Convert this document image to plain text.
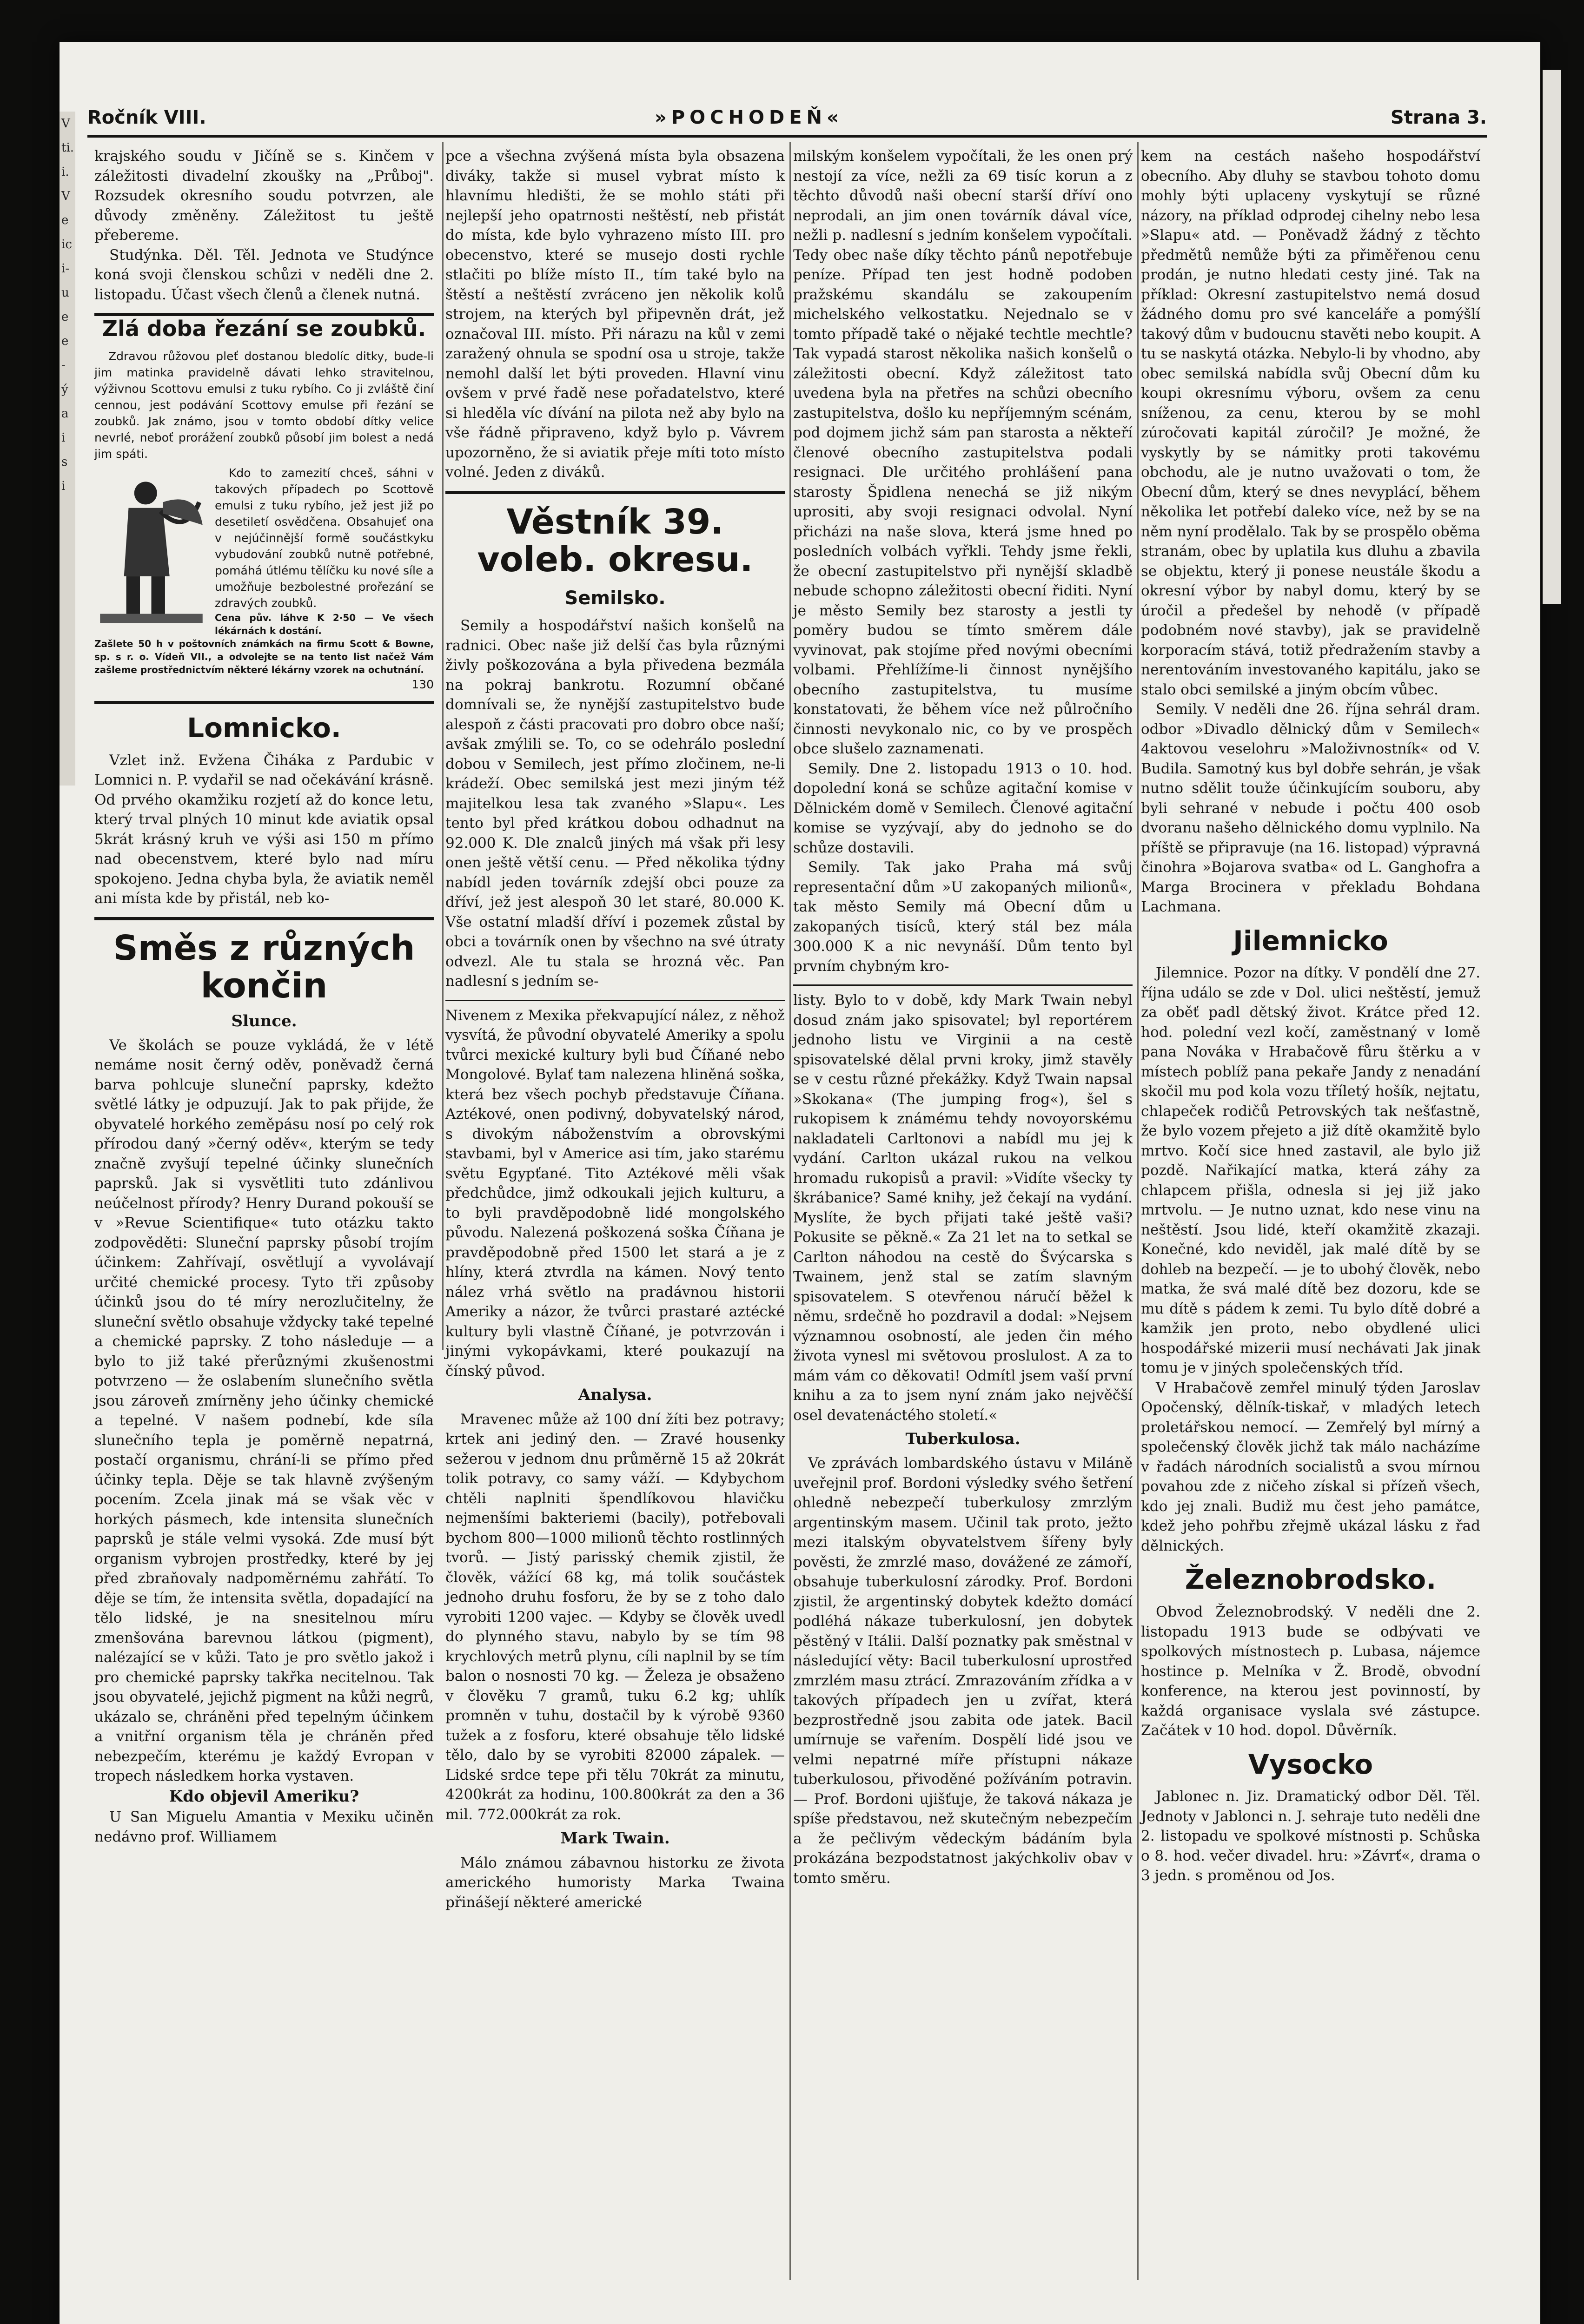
V
ti.
i.
V
e
ic
i-
u
e
e
-
ý
a
i
s
i
Ročník VIII.	»POCHODEŇ«	Strana 3.

krajského soudu v Jičíně se s. Kinčem v záležitosti divadelní zkoušky na „Průboj". Rozsudek okresního soudu potvrzen, ale důvody změněny. Záležitost tu ještě přebereme.

Studýnka. Děl. Těl. Jednota ve Studýnce koná svoji členskou schůzi v neděli dne 2. listopadu. Účast všech členů a členek nutná.

Zlá doba řezání se zoubků.

Zdravou růžovou pleť dostanou bledolíc ditky, bude-li jim matinka pravidelně dávati lehko stravitelnou, výživnou Scottovu emulsi z tuku rybího. Co ji zvláště činí cennou, jest podávání Scottovy emulse při řezání se zoubků. Jak známo, jsou v tomto období dítky velice nevrlé, neboť prorážení zoubků působí jim bolest a nedá jim spáti.

Kdo to zamezití chceš, sáhni v takových případech po Scottově emulsi z tuku rybího, jež jest již po desetiletí osvědčena. Obsahujeť ona v nejúčinnější formě součástkyku vybudování zoubků nutně potřebné, pomáhá útlému tělíčku ku nové síle a umožňuje bezbolestné prořezání se zdravých zoubků.

Cena pův. láhve K 2·50 — Ve všech lékárnách k dostání.
Zašlete 50 h v poštovních známkách na firmu Scott & Bowne, sp. s r. o. Vídeň VII., a odvolejte se na tento list načež Vám zašleme prostřednictvím některé lékárny vzorek na ochutnání.
130
Lomnicko.

Vzlet inž. Evžena Čiháka z Pardubic v Lomnici n. P. vydařil se nad očekávání krásně. Od prvého okamžiku rozjetí až do konce letu, který trval plných 10 minut kde aviatik opsal 5krát krásný kruh ve výši asi 150 m přímo nad obecenstvem, které bylo nad míru spokojeno. Jedna chyba byla, že aviatik neměl ani místa kde by přistál, neb ko-

Směs z různých končin
Slunce.

Ve školách se pouze vykládá, že v létě nemáme nosit černý oděv, poněvadž černá barva pohlcuje sluneční paprsky, kdežto světlé látky je odpuzují. Jak to pak přijde, že obyvatelé horkého zeměpásu nosí po celý rok přírodou daný »černý oděv«, kterým se tedy značně zvyšují tepelné účinky slunečních paprsků. Jak si vysvětliti tuto zdánlivou neúčelnost přírody? Henry Durand pokouší se v »Revue Scientifique« tuto otázku takto zodpověděti: Sluneční paprsky působí trojím účinkem: Zahřívají, osvětlují a vyvolávají určité chemické procesy. Tyto tři způsoby účinků jsou do té míry nerozlučitelny, že sluneční světlo obsahuje vždycky také tepelné a chemické paprsky. Z toho následuje — a bylo to již také přerůznými zkušenostmi potvrzeno — že oslabením slunečního světla jsou zároveň zmírněny jeho účinky chemické a tepelné. V našem podnebí, kde síla slunečního tepla je poměrně nepatrná, postačí organismu, chrání-li se přímo před účinky tepla. Děje se tak hlavně zvýšeným pocením. Zcela jinak má se však věc v horkých pásmech, kde intensita slunečních paprsků je stále velmi vysoká. Zde musí být organism vybrojen prostředky, které by jej před zbraňovaly nadpoměrnému zahřátí. To děje se tím, že intensita světla, dopadající na tělo lidské, je na snesitelnou míru zmenšována barevnou látkou (pigment), nalézající se v kůži. Tato je pro světlo jakož i pro chemické paprsky takřka necitelnou. Tak jsou obyvatelé, jejichž pigment na kůži negrů, ukázalo se, chráněni před tepelným účinkem a vnitřní organism těla je chráněn před nebezpečím, kterému je každý Evropan v tropech následkem horka vystaven.

Kdo objevil Ameriku?

U San Miguelu Amantia v Mexiku učiněn nedávno prof. Williamem

pce a všechna zvýšená místa byla obsazena diváky, takže si musel vybrat místo k hlavnímu hledišti, že se mohlo státi při nejlepší jeho opatrnosti neštěstí, neb přistát do místa, kde bylo vyhrazeno místo III. pro obecenstvo, které se musejo dosti rychle stlačiti po blíže místo II., tím také bylo na štěstí a neštěstí zvráceno jen několik kolů strojem, na kterých byl připevněn drát, jež označoval III. místo. Při nárazu na kůl v zemi zaražený ohnula se spodní osa u stroje, takže nemohl další let býti proveden. Hlavní vinu ovšem v prvé řadě nese pořadatelstvo, které si hleděla víc dívání na pilota než aby bylo na vše řádně připraveno, když bylo p. Vávrem upozorněno, že si aviatik přeje míti toto místo volné. Jeden z diváků.

Věstník 39. voleb. okresu.
Semilsko.

Semily a hospodářství našich konšelů na radnici. Obec naše již delší čas byla různými živly poškozována a byla přivedena bezmála na pokraj bankrotu. Rozumní občané domnívali se, že nynější zastupitelstvo bude alespoň z části pracovati pro dobro obce naší; avšak zmýlili se. To, co se odehrálo poslední dobou v Semilech, jest přímo zločinem, ne-li krádeží. Obec semilská jest mezi jiným též majitelkou lesa tak zvaného »Slapu«. Les tento byl před krátkou dobou odhadnut na 92.000 K. Dle znalců jiných má však při lesy onen ještě větší cenu. — Před několika týdny nabídl jeden továrník zdejší obci pouze za dříví, jež jest alespoň 30 let staré, 80.000 K. Vše ostatní mladší dříví i pozemek zůstal by obci a továrník onen by všechno na své útraty odvezl. Ale tu stala se hrozná věc. Pan nadlesní s jedním se-

Nivenem z Mexika překvapující nález, z něhož vysvítá, že původní obyvatelé Ameriky a spolu tvůrci mexické kultury byli bud Číňané nebo Mongolové. Bylať tam nalezena hliněná soška, která bez všech pochyb představuje Číňana. Aztékové, onen podivný, dobyvatelský národ, s divokým náboženstvím a obrovskými stavbami, byl v Americe asi tím, jako starému světu Egypťané. Tito Aztékové měli však předchůdce, jimž odkoukali jejich kulturu, a to byli pravděpodobně lidé mongolského původu. Nalezená poškozená soška Číňana je pravděpodobně před 1500 let stará a je z hlíny, která ztvrdla na kámen. Nový tento nález vrhá světlo na pradávnou historii Ameriky a názor, že tvůrci prastaré aztécké kultury byli vlastně Číňané, je potvrzován i jinými vykopávkami, které poukazují na čínský původ.

Analysa.

Mravenec může až 100 dní žíti bez potravy; krtek ani jediný den. — Zravé housenky sežerou v jednom dnu průměrně 15 až 20krát tolik potravy, co samy váží. — Kdybychom chtěli naplniti špendlíkovou hlavičku nejmenšími bakteriemi (bacily), potřebovali bychom 800—1000 milionů těchto rostlinných tvorů. — Jistý parisský chemik zjistil, že člověk, vážící 68 kg, má tolik součástek jednoho druhu fosforu, že by se z toho dalo vyrobiti 1200 vajec. — Kdyby se člověk uvedl do plynného stavu, nabylo by se tím 98 krychlových metrů plynu, cíli naplnil by se tím balon o nosnosti 70 kg. — Železa je obsaženo v člověku 7 gramů, tuku 6.2 kg; uhlík promněn v tuhu, dostačil by k výrobě 9360 tužek a z fosforu, které obsahuje tělo lidské tělo, dalo by se vyrobiti 82000 zápalek. — Lidské srdce tepe při tělu 70krát za minutu, 4200krát za hodinu, 100.800krát za den a 36 mil. 772.000krát za rok.

Mark Twain.

Málo známou zábavnou historku ze života amerického humoristy Marka Twaina přinášejí některé americké

milským konšelem vypočítali, že les onen prý nestojí za více, nežli za 69 tisíc korun a z těchto důvodů naši obecní starší dříví ono neprodali, an jim onen továrník dával více, nežli p. nadlesní s jedním konšelem vypočítali. Tedy obec naše díky těchto pánů nepotřebuje peníze. Případ ten jest hodně podoben pražskému skandálu se zakoupením michelského velkostatku. Nejednalo se v tomto případě také o nějaké techtle mechtle? Tak vypadá starost několika našich konšelů o záležitosti obecní. Když záležitost tato uvedena byla na přetřes na schůzi obecního zastupitelstva, došlo ku nepříjemným scénám, pod dojmem jichž sám pan starosta a někteří členové obecního zastupitelstva podali resignaci. Dle určitého prohlášení pana starosty Špidlena nenechá se již nikým uprositi, aby svoji resignaci odvolal. Nyní přicházi na naše slova, která jsme hned po posledních volbách vyřkli. Tehdy jsme řekli, že obecní zastupitelstvo při nynější skladbě nebude schopno záležitosti obecní řiditi. Nyní je město Semily bez starosty a jestli ty poměry budou se tímto směrem dále vyvinovat, pak stojíme před novými obecními volbami. Přehlížíme-li činnost nynějšího obecního zastupitelstva, tu musíme konstatovati, že během více než půlročního činnosti nevykonalo nic, co by ve prospěch obce slušelo zaznamenati.

Semily. Dne 2. listopadu 1913 o 10. hod. dopolední koná se schůze agitační komise v Dělnickém domě v Semilech. Členové agitační komise se vyzývají, aby do jednoho se do schůze dostavili.

Semily. Tak jako Praha má svůj representační dům »U zakopaných milionů«, tak město Semily má Obecní dům u zakopaných tisíců, který stál bez mála 300.000 K a nic nevynáší. Dům tento byl prvním chybným kro-

listy. Bylo to v době, kdy Mark Twain nebyl dosud znám jako spisovatel; byl reportérem jednoho listu ve Virginii a na cestě spisovatelské dělal prvni kroky, jimž stavěly se v cestu různé překážky. Když Twain napsal »Skokana« (The jumping frog«), šel s rukopisem k známému tehdy novoyorskému nakladateli Carltonovi a nabídl mu jej k vydání. Carlton ukázal rukou na velkou hromadu rukopisů a pravil: »Vidíte všecky ty škrábanice? Samé knihy, jež čekají na vydání. Myslíte, že bych přijati také ještě vaši? Pokusite se pěkně.« Za 21 let na to setkal se Carlton náhodou na cestě do Švýcarska s Twainem, jenž stal se zatím slavným spisovatelem. S otevřenou náručí běžel k němu, srdečně ho pozdravil a dodal: »Nejsem významnou osobností, ale jeden čin mého života vynesl mi světovou proslulost. A za to mám vám co děkovati! Odmítl jsem vaší první knihu a za to jsem nyní znám jako nejvěčší osel devatenáctého století.«

Tuberkulosa.

Ve zprávách lombardského ústavu v Miláně uveřejnil prof. Bordoni výsledky svého šetření ohledně nebezpečí tuberkulosy zmrzlým argentinským masem. Učinil tak proto, ježto mezi italským obyvatelstvem šířeny byly pověsti, že zmrzlé maso, dovážené ze zámoří, obsahuje tuberkulosní zárodky. Prof. Bordoni zjistil, že argentinský dobytek kdežto domácí podléhá nákaze tuberkulosní, jen dobytek pěstěný v Itálii. Další poznatky pak směstnal v následující věty: Bacil tuberkulosní uprostřed zmrzlém masu ztrácí. Zmrazováním zřídka a v takových případech jen u zvířat, která bezprostředně jsou zabita ode jatek. Bacil umírnuje se vařením. Dospělí lidé jsou ve velmi nepatrné míře přístupni nákaze tuberkulosou, přivoděné požíváním potravin. — Prof. Bordoni ujišťuje, že taková nákaza je spíše představou, než skutečným nebezpečím a že pečlivým vědeckým bádáním byla prokázána bezpodstatnost jakýchkoliv obav v tomto směru.

kem na cestách našeho hospodářství obecního. Aby dluhy se stavbou tohoto domu mohly býti uplaceny vyskytují se různé názory, na příklad odprodej cihelny nebo lesa »Slapu« atd. — Poněvadž žádný z těchto předmětů nemůže býti za přiměřenou cenu prodán, je nutno hledati cesty jiné. Tak na příklad: Okresní zastupitelstvo nemá dosud žádného domu pro své kanceláře a pomýšlí takový dům v budoucnu stavěti nebo koupit. A tu se naskytá otázka. Nebylo-li by vhodno, aby obec semilská nabídla svůj Obecní dům ku koupi okresnímu výboru, ovšem za cenu sníženou, za cenu, kterou by se mohl zúročovati kapitál zúročil? Je možné, že vyskytly by se námitky proti takovému obchodu, ale je nutno uvažovati o tom, že Obecní dům, který se dnes nevyplácí, během několika let potřebí daleko více, než by se na něm nyní prodělalo. Tak by se prospělo oběma stranám, obec by uplatila kus dluhu a zbavila se objektu, který ji ponese neustále škodu a okresní výbor by nabyl domu, který by se úročil a předešel by nehodě (v případě podobném nové stavby), jak se pravidelně korporacím stává, totiž předražením stavby a nerentováním investovaného kapitálu, jako se stalo obci semilské a jiným obcím vůbec.

Semily. V neděli dne 26. října sehrál dram. odbor »Divadlo dělnický dům v Semilech« 4aktovou veselohru »Maloživnostník« od V. Budila. Samotný kus byl dobře sehrán, je však nutno sdělit touže účinkujícím souboru, aby byli sehrané v nebude i počtu 400 osob dvoranu našeho dělnického domu vyplnilo. Na příště se připravuje (na 16. listopad) výpravná činohra »Bojarova svatba« od L. Ganghofra a Marga Brocinera v překladu Bohdana Lachmana.

Jilemnicko

Jilemnice. Pozor na dítky. V pondělí dne 27. října událo se zde v Dol. ulici neštěstí, jemuž za oběť padl dětský život. Krátce před 12. hod. polední vezl kočí, zaměstnaný v lomě pana Nováka v Hrabačově fůru štěrku a v místech poblíž pana pekaře Jandy z nenadání skočil mu pod kola vozu tříletý hošík, nejtatu, chlapeček rodičů Petrovských tak nešťastně, že bylo vozem přejeto a již dítě okamžitě bylo mrtvo. Kočí sice hned zastavil, ale bylo již pozdě. Nařikající matka, která záhy za chlapcem přišla, odnesla si jej již jako mrtvolu. — Je nutno uznat, kdo nese vinu na neštěstí. Jsou lidé, kteří okamžitě zkazaji. Konečné, kdo neviděl, jak malé dítě by se dohleb na bezpečí. — je to ubohý člověk, nebo matka, že svá malé dítě bez dozoru, kde se mu dítě s pádem k zemi. Tu bylo dítě dobré a kamžik jen proto, nebo obydlené ulici hospodářské mizerii musí nechávati Jak jinak tomu je v jiných společenských tříd.

V Hrabačově zemřel minulý týden Jaroslav Opočenský, dělník-tiskař, v mladých letech proletářskou nemocí. — Zemřelý byl mírný a společenský člověk jichž tak málo nacházíme v řadách národních socialistů a svou mírnou povahou zde z ničeho získal si přízeň všech, kdo jej znali. Budiž mu čest jeho památce, kdež jeho pohřbu zřejmě ukázal lásku z řad dělnických.

Železnobrodsko.

Obvod Železnobrodský. V neděli dne 2. listopadu 1913 bude se odbývati ve spolkových místnostech p. Lubasa, nájemce hostince p. Melníka v Ž. Brodě, obvodní konference, na kterou jest povinností, by každá organisace vyslala své zástupce. Začátek v 10 hod. dopol. Důvěrník.

Vysocko

Jablonec n. Jiz. Dramatický odbor Děl. Těl. Jednoty v Jablonci n. J. sehraje tuto neděli dne 2. listopadu ve spolkové místnosti p. Schůska o 8. hod. večer divadel. hru: »Závrť«, drama o 3 jedn. s proměnou od Jos.
